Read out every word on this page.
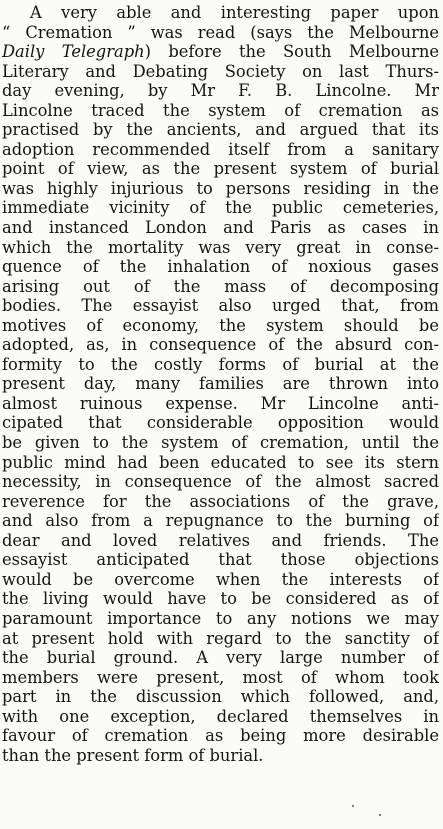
A very able and interesting paper upon
“ Cremation ” was read (says the Melbourne
Daily Telegraph) before the South Melbourne
Literary and Debating Society on last Thurs-
day evening, by Mr F. B. Lincolne. Mr
Lincolne traced the system of cremation as
practised by the ancients, and argued that its
adoption recommended itself from a sanitary
point of view, as the present system of burial
was highly injurious to persons residing in the
immediate vicinity of the public cemeteries,
and instanced London and Paris as cases in
which the mortality was very great in conse-
quence of the inhalation of noxious gases
arising out of the mass of decomposing
bodies. The essayist also urged that, from
motives of economy, the system should be
adopted, as, in consequence of the absurd con-
formity to the costly forms of burial at the
present day, many families are thrown into
almost ruinous expense. Mr Lincolne anti-
cipated that considerable opposition would
be given to the system of cremation, until the
public mind had been educated to see its stern
necessity, in consequence of the almost sacred
reverence for the associations of the grave,
and also from a repugnance to the burning of
dear and loved relatives and friends. The
essayist anticipated that those objections
would be overcome when the interests of
the living would have to be considered as of
paramount importance to any notions we may
at present hold with regard to the sanctity of
the burial ground. A very large number of
members were present, most of whom took
part in the discussion which followed, and,
with one exception, declared themselves in
favour of cremation as being more desirable
than the present form of burial.
